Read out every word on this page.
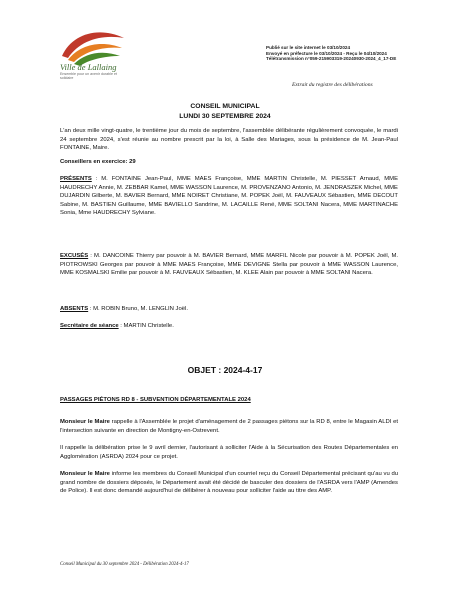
Ville de Lallaing
Ensemble pour un avenir durable et solidaire
Publié sur le site internet le 03/10/2024
Envoyé en préfecture le 03/10/2024 - Reçu le 04/10/2024
Télétransmission n°059-215903319-20240930-2024_4_17-DE
Extrait du registre des délibérations
CONSEIL MUNICIPAL
LUNDI 30 SEPTEMBRE 2024
L'an deux mille vingt-quatre, le trentième jour du mois de septembre, l'assemblée délibérante régulièrement convoquée, le mardi 24 septembre 2024, s'est réunie au nombre prescrit par la loi, à Salle des Mariages, sous la présidence de M. Jean-Paul FONTAINE, Maire.
Conseillers en exercice: 29
PRÉSENTS : M. FONTAINE Jean-Paul, MME MAES Françoise, MME MARTIN Christelle, M. PIESSET Arnaud, MME HAUDRECHY Annie, M. ZEBBAR Kamel, MME WASSON Laurence, M. PROVENZANO Antonio, M. JENDRASZEK Michel, MME DUJARDIN Gilberte, M. BAVIER Bernard, MME NOIRET Christiane, M. POPEK Joël, M. FAUVEAUX Sébastien, MME DECOUT Sabine, M. BASTIEN Guillaume, MME BAVIELLO Sandrine, M. LACAILLE René, MME SOLTANI Nacera, MME MARTINACHE Sonia, Mme HAUDRECHY Sylviane.
EXCUSÉS : M. DANCOINE Thierry par pouvoir à M. BAVIER Bernard, MME MARFIL Nicole par pouvoir à M. POPEK Joël, M. PIOTROWSKI Georges par pouvoir à MME MAES Françoise, MME DEVIGNE Stella par pouvoir à MME WASSON Laurence, MME KOSMALSKI Emilie par pouvoir à M. FAUVEAUX Sébastien, M. KLEE Alain par pouvoir à MME SOLTANI Nacera.
ABSENTS : M. ROBIN Bruno, M. LENGLIN Joël.
Secrétaire de séance : MARTIN Christelle.
OBJET : 2024-4-17
PASSAGES PIÉTONS RD 8 - SUBVENTION DÉPARTEMENTALE 2024
Monsieur le Maire rappelle à l'Assemblée le projet d'aménagement de 2 passages piétons sur la RD 8, entre le Magasin ALDI et l'intersection suivante en direction de Montigny-en-Ostrevent.
Il rappelle la délibération prise le 9 avril dernier, l'autorisant à solliciter l'Aide à la Sécurisation des Routes Départementales en Agglomération (ASRDA) 2024 pour ce projet.
Monsieur le Maire informe les membres du Conseil Municipal d'un courriel reçu du Conseil Départemental précisant qu'au vu du grand nombre de dossiers déposés, le Département avait été décidé de basculer des dossiers de l'ASRDA vers l'AMP (Amendes de Police). Il est donc demandé aujourd'hui de délibérer à nouveau pour solliciter l'aide au titre des AMP.
Conseil Municipal du 30 septembre 2024 - Délibération 2024-4-17
